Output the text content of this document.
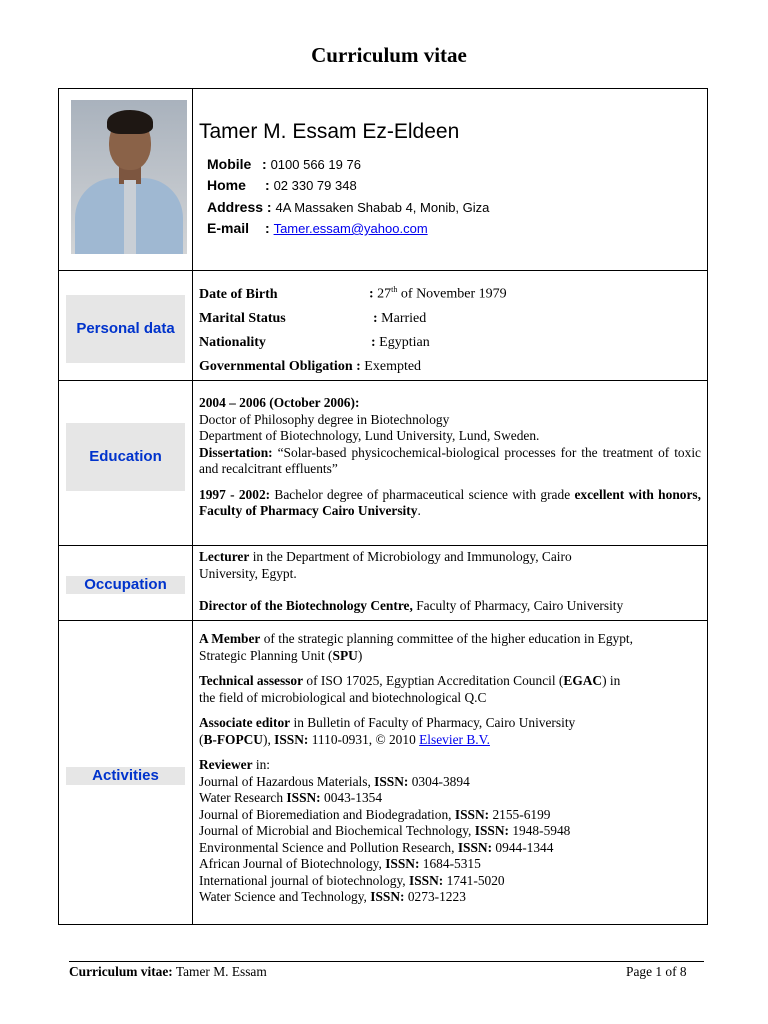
Curriculum vitae
Tamer M. Essam Ez-Eldeen
Mobile : 0100 566 19 76
Home : 02 330 79 348
Address : 4A Massaken Shabab 4, Monib, Giza
E-mail : Tamer.essam@yahoo.com
Personal data
Date of Birth	: 27th of November 1979
Marital Status	: Married
Nationality	: Egyptian
Governmental Obligation : Exempted
Education
2004 – 2006 (October 2006):
Doctor of Philosophy degree in Biotechnology
Department of Biotechnology, Lund University, Lund, Sweden.
Dissertation: “Solar-based physicochemical-biological processes for the treatment of toxic and recalcitrant effluents”
1997 - 2002: Bachelor degree of pharmaceutical science with grade excellent with honors, Faculty of Pharmacy Cairo University.
Occupation
Lecturer in the Department of Microbiology and Immunology, Cairo
University, Egypt.
Director of the Biotechnology Centre, Faculty of Pharmacy, Cairo University
Activities
A Member of the strategic planning committee of the higher education in Egypt,
Strategic Planning Unit (SPU)
Technical assessor of ISO 17025, Egyptian Accreditation Council (EGAC) in
the field of microbiological and biotechnological Q.C
Associate editor in Bulletin of Faculty of Pharmacy, Cairo University
(B-FOPCU), ISSN: 1110-0931, © 2010 Elsevier B.V.
Reviewer in:
Journal of Hazardous Materials, ISSN: 0304-3894
Water Research ISSN: 0043-1354
Journal of Bioremediation and Biodegradation, ISSN: 2155-6199
Journal of Microbial and Biochemical Technology, ISSN: 1948-5948
Environmental Science and Pollution Research, ISSN: 0944-1344
African Journal of Biotechnology, ISSN: 1684-5315
International journal of biotechnology, ISSN: 1741-5020
Water Science and Technology, ISSN: 0273-1223
Curriculum vitae: Tamer M. Essam	Page 1 of 8
